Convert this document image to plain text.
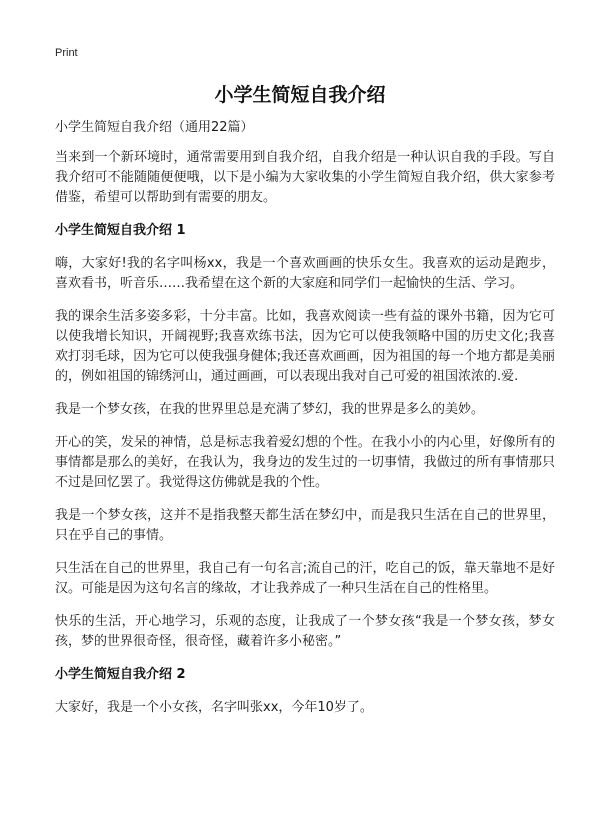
Print
小学生简短自我介绍

小学生简短自我介绍（通用22篇）

当来到一个新环境时，通常需要用到自我介绍，自我介绍是一种认识自我的手段。写自我介绍可不能随随便便哦，以下是小编为大家收集的小学生简短自我介绍，供大家参考借鉴，希望可以帮助到有需要的朋友。

小学生简短自我介绍 1

嗨，大家好!我的名字叫杨xx，我是一个喜欢画画的快乐女生。我喜欢的运动是跑步，喜欢看书，听音乐……我希望在这个新的大家庭和同学们一起愉快的生活、学习。

我的课余生活多姿多彩，十分丰富。比如，我喜欢阅读一些有益的课外书籍，因为它可以使我增长知识，开阔视野;我喜欢练书法，因为它可以使我领略中国的历史文化;我喜欢打羽毛球，因为它可以使我强身健体;我还喜欢画画，因为祖国的每一个地方都是美丽的，例如祖国的锦绣河山，通过画画，可以表现出我对自己可爱的祖国浓浓的.爱.

我是一个梦女孩，在我的世界里总是充满了梦幻，我的世界是多么的美妙。

开心的笑，发呆的神情，总是标志我着爱幻想的个性。在我小小的内心里，好像所有的事情都是那么的美好，在我认为，我身边的发生过的一切事情，我做过的所有事情那只不过是回忆罢了。我觉得这仿佛就是我的个性。

我是一个梦女孩，这并不是指我整天都生活在梦幻中，而是我只生活在自己的世界里，只在乎自己的事情。

只生活在自己的世界里，我自己有一句名言;流自己的汗，吃自己的饭，靠天靠地不是好汉。可能是因为这句名言的缘故，才让我养成了一种只生活在自己的性格里。

快乐的生活，开心地学习，乐观的态度，让我成了一个梦女孩“我是一个梦女孩，梦女孩，梦的世界很奇怪，很奇怪，藏着许多小秘密。”

小学生简短自我介绍 2

大家好，我是一个小女孩，名字叫张xx，今年10岁了。
